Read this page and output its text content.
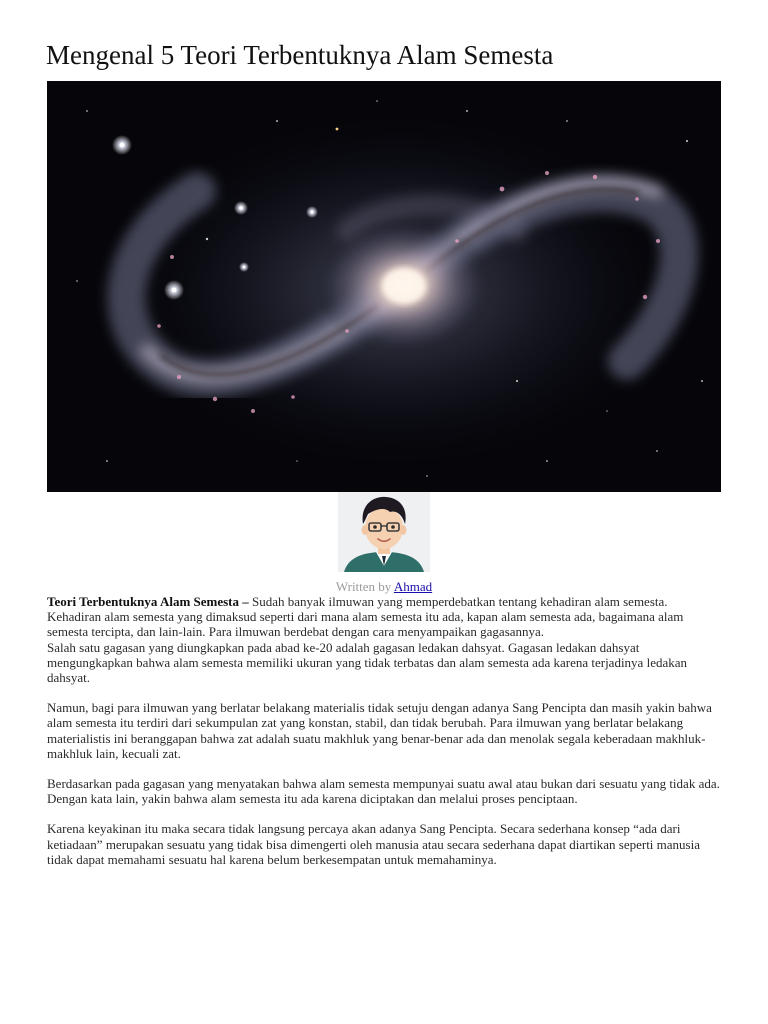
Mengenal 5 Teori Terbentuknya Alam Semesta
Written by Ahmad

Teori Terbentuknya Alam Semesta – Sudah banyak ilmuwan yang memperdebatkan tentang kehadiran alam semesta. Kehadiran alam semesta yang dimaksud seperti dari mana alam semesta itu ada, kapan alam semesta ada, bagaimana alam semesta tercipta, dan lain-lain. Para ilmuwan berdebat dengan cara menyampaikan gagasannya.

Salah satu gagasan yang diungkapkan pada abad ke-20 adalah gagasan ledakan dahsyat. Gagasan ledakan dahsyat mengungkapkan bahwa alam semesta memiliki ukuran yang tidak terbatas dan alam semesta ada karena terjadinya ledakan dahsyat.

Namun, bagi para ilmuwan yang berlatar belakang materialis tidak setuju dengan adanya Sang Pencipta dan masih yakin bahwa alam semesta itu terdiri dari sekumpulan zat yang konstan, stabil, dan tidak berubah. Para ilmuwan yang berlatar belakang materialistis ini beranggapan bahwa zat adalah suatu makhluk yang benar-benar ada dan menolak segala keberadaan makhluk-makhluk lain, kecuali zat.

Berdasarkan pada gagasan yang menyatakan bahwa alam semesta mempunyai suatu awal atau bukan dari sesuatu yang tidak ada. Dengan kata lain, yakin bahwa alam semesta itu ada karena diciptakan dan melalui proses penciptaan.

Karena keyakinan itu maka secara tidak langsung percaya akan adanya Sang Pencipta. Secara sederhana konsep “ada dari ketiadaan” merupakan sesuatu yang tidak bisa dimengerti oleh manusia atau secara sederhana dapat diartikan seperti manusia tidak dapat memahami sesuatu hal karena belum berkesempatan untuk memahaminya.
